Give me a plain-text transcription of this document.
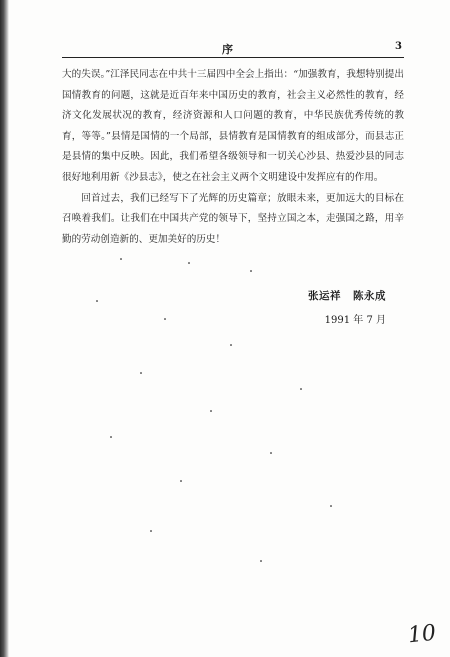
序	3

大的失误。”江泽民同志在中共十三届四中全会上指出：“加强教育，我想特别提出国情教育的问题，这就是近百年来中国历史的教育，社会主义必然性的教育，经济文化发展状况的教育，经济资源和人口问题的教育，中华民族优秀传统的教育，等等。”县情是国情的一个局部，县情教育是国情教育的组成部分，而县志正是县情的集中反映。因此，我们希望各级领导和一切关心沙县、热爱沙县的同志很好地利用新《沙县志》，使之在社会主义两个文明建设中发挥应有的作用。

回首过去，我们已经写下了光辉的历史篇章；放眼未来，更加远大的目标在召唤着我们。让我们在中国共产党的领导下，坚持立国之本，走强国之路，用辛勤的劳动创造新的、更加美好的历史！

张运祥 陈永成
1991 年 7 月
10
